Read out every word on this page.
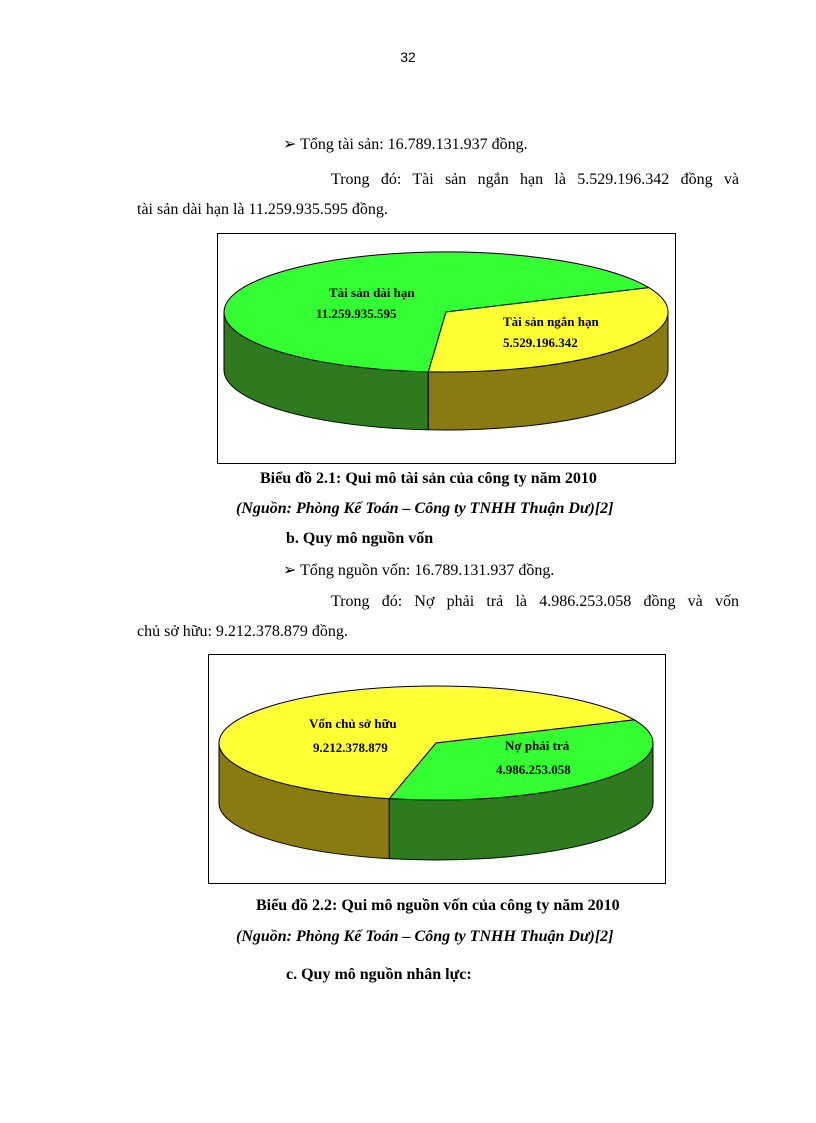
32
➢ Tổng tài sản: 16.789.131.937 đồng.
Trong đó: Tài sản ngắn hạn là 5.529.196.342 đồng và
tài sản dài hạn là 11.259.935.595 đồng.
Tài sản dài hạn
11.259.935.595
Tài sản ngắn hạn
5.529.196.342
Biểu đồ 2.1: Qui mô tài sản của công ty năm 2010
(Nguồn: Phòng Kế Toán – Công ty TNHH Thuận Dư)[2]
b. Quy mô nguồn vốn
➢ Tổng nguồn vốn: 16.789.131.937 đồng.
Trong đó: Nợ phải trả là 4.986.253.058 đồng và vốn
chủ sở hữu: 9.212.378.879 đồng.
Vốn chủ sở hữu
9.212.378.879	Nợ phải trả
4.986.253.058
Biểu đồ 2.2: Qui mô nguồn vốn của công ty năm 2010
(Nguồn: Phòng Kế Toán – Công ty TNHH Thuận Dư)[2]
c. Quy mô nguồn nhân lực:
